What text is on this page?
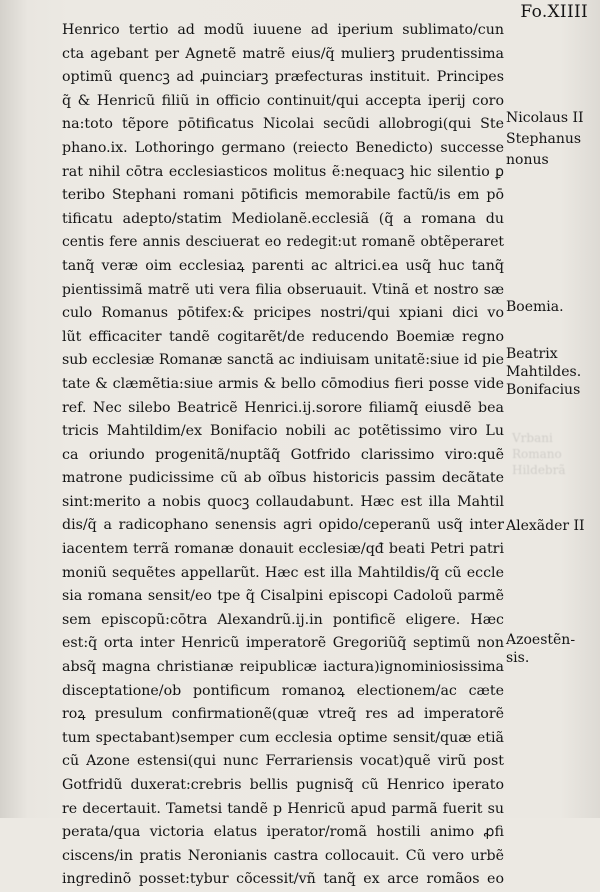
Vrbani
Romano
Hildebrã
Fo.XIIII
Henrico tertio ad modũ iuuene ad iperium sublimato/cun
cta agebant per Agnetẽ matrẽ eius/q̃ mulierꝫ prudentissima
optimũ quencꝫ ad ꝓuinciarꝫ præfecturas instituit. Principes
q̃ & Henricũ filiũ in officio continuit/qui accepta iperij coro
na:toto tẽpore pōtificatus Nicolai secũdi allobrogi(qui Ste
phano.ix. Lothoringo germano (reiecto Benedicto) successe
rat nihil cōtra ecclesiasticos molitus ẽ:nequacꝫ hic silentio ꝑ
teribo Stephani romani pōtificis memorabile factũ/is em pō
tificatu adepto/statim Mediolanẽ.ecclesiã (q̃ a romana du
centis fere annis desciuerat eo redegit:ut romanẽ obtẽperaret
tanq̃ veræ oim ecclesiaꝝ parenti ac altrici.ea usq̃ huc tanq̃
pientissimã matrẽ uti vera filia obseruauit. Vtinã et nostro sæ
culo Romanus pōtifex:& pricipes nostri/qui xpiani dici vo
lũt efficaciter tandẽ cogitarẽt/de reducendo Boemiæ regno
sub ecclesiæ Romanæ sanctã ac indiuisam unitatẽ:siue id pie
tate & clæmẽtia:siue armis & bello cōmodius fieri posse vide
ref. Nec silebo Beatricẽ Henrici.ij.sorore filiamq̃ eiusdẽ bea
tricis Mahtildim/ex Bonifacio nobili ac potẽtissimo viro Lu
ca oriundo progenitã/nuptãq̃ Gotfrido clarissimo viro:quẽ
matrone pudicissime cũ ab oĩbus historicis passim decãtate
sint:merito a nobis quocꝫ collaudabunt. Hæc est illa Mahtil
dis/q̃ a radicophano senensis agri opido/ceperanũ usq̃ inter
iacentem terrã romanæ donauit ecclesiæ/qđ beati Petri patri
moniũ sequẽtes appellarũt. Hæc est illa Mahtildis/q̃ cũ eccle
sia romana sensit/eo tpe q̃ Cisalpini episcopi Cadoloũ parmẽ
sem episcopũ:cōtra Alexandrũ.ij.in pontificẽ eligere. Hæc
est:q̃ orta inter Henricũ imperatorẽ Gregoriũq̃ septimũ non
absq̃ magna christianæ reipublicæ iactura)ignominiosissima
disceptatione/ob pontificum romanoꝝ electionem/ac cæte
roꝝ presulum confirmationẽ(quæ vtreq̃ res ad imperatorẽ
tum spectabant)semper cum ecclesia optime sensit/quæ etiã
cũ Azone estensi(qui nunc Ferrariensis vocat)quẽ virũ post
Gotfridũ duxerat:crebris bellis pugnisq̃ cũ Henrico iperato
re decertauit. Tametsi tandẽ p Henricũ apud parmã fuerit su
perata/qua victoria elatus iperator/romã hostili animo ꝓfi
ciscens/in pratis Neronianis castra collocauit. Cũ vero urbẽ
ingredinõ posset:tybur cõcessit/vñ tanq̃ ex arce romãos eo
Nicolaus II
Stephanus
nonus
Boemia.
Beatrix
Mahtildes.
Bonifacius
Alexãder II
Azoestẽn-
sis.
